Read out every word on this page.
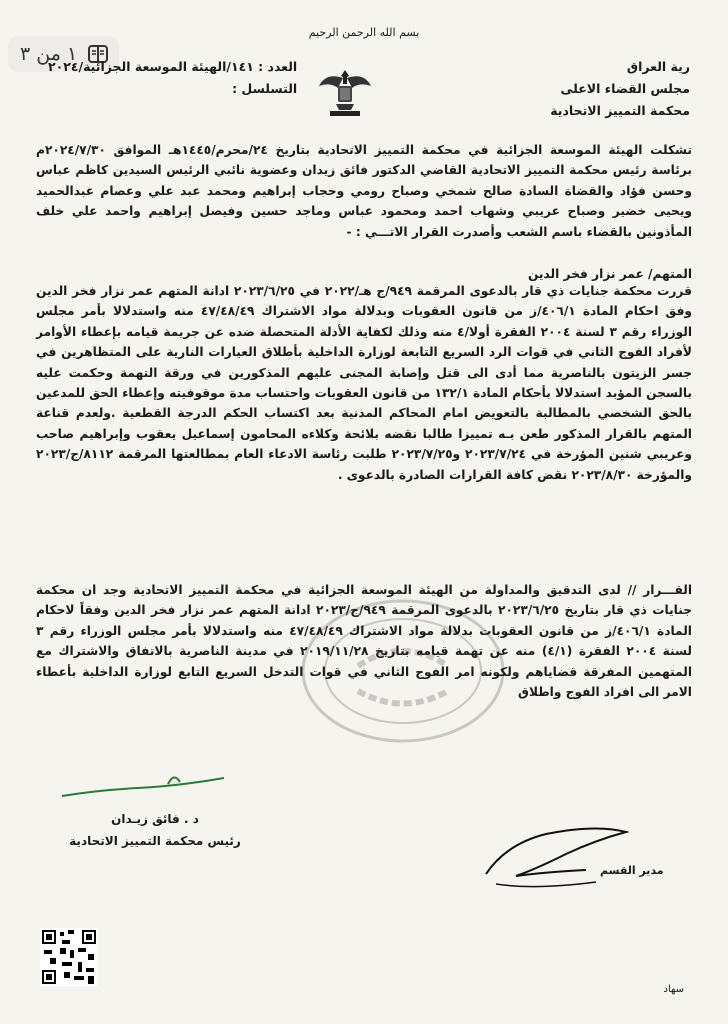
١ من ٣
بسم الله الرحمن الرحيم
رية العراق
مجلس القضاء الاعلى
محكمة التمييز الاتحادية
العدد : ١٤١/الهيئة الموسعة الجزائية/٢٠٢٤
التسلسل :
تشكلت الهيئة الموسعة الجزائية في محكمة التمييز الاتحادية بتاريخ ٢٤/محرم/١٤٤٥هـ الموافق ٢٠٢٤/٧/٣٠م برئاسة رئيس محكمة التمييز الاتحادية القاضي الدكتور فائق زيدان وعضوية نائبي الرئيس السيدين كاظم عباس وحسن فؤاد والقضاة السادة صالح شمخي وصباح رومي وحجاب إبراهيم ومحمد عبد علي وعصام عبدالحميد ويحيى خضير وصباح عريبي وشهاب احمد ومحمود عباس وماجد حسين وفيصل إبراهيم واحمد علي خلف المأذونين بالقضاء باسم الشعب وأصدرت القرار الاتـــي : -
المتهم/ عمر نزار فخر الدين
قررت محكمة جنايات ذي قار بالدعوى المرقمة ٩٤٩/ج هـ/٢٠٢٢ في ٢٠٢٣/٦/٢٥ ادانة المتهم عمر نزار فخر الدين وفق احكام المادة ٤٠٦/١/ز من قانون العقوبات وبدلالة مواد الاشتراك ٤٧/٤٨/٤٩ منه واستدلالا بأمر مجلس الوزراء رقم ٣ لسنة ٢٠٠٤ الفقرة أولا/٤ منه وذلك لكفاية الأدلة المتحصلة ضده عن جريمة قيامه بإعطاء الأوامر لأفراد الفوج الثاني في قوات الرد السريع التابعة لوزارة الداخلية بأطلاق العيارات النارية على المتظاهرين في جسر الزيتون بالناصرية مما أدى الى قتل وإصابة المجنى عليهم المذكورين في ورقة التهمة وحكمت عليه بالسجن المؤبد استدلالا بأحكام المادة ١٣٢/١ من قانون العقوبات واحتساب مدة موقوفيته وإعطاء الحق للمدعين بالحق الشخصي بالمطالبة بالتعويض امام المحاكم المدنية بعد اكتساب الحكم الدرجة القطعية .ولعدم قناعة المتهم بالقرار المذكور طعن بـه تمييزا طالبا نقضه بلائحة وكلاءه المحامون إسماعيل يعقوب وإبراهيم صاحب وعريبي شنين المؤرخة في ٢٠٢٣/٧/٢٤ و٢٠٢٣/٧/٢٥ طلبت رئاسة الادعاء العام بمطالعتها المرقمة ٨١١٢/ج/٢٠٢٣ والمؤرخة ٢٠٢٣/٨/٣٠ نقض كافة القرارات الصادرة بالدعوى .
القـــرار // لدى التدقيق والمداولة من الهيئة الموسعة الجزائية في محكمة التمييز الاتحادية وجد ان محكمة جنايات ذي قار بتاريخ ٢٠٢٣/٦/٢٥ بالدعوى المرقمة ٩٤٩/ج/٢٠٢٣ ادانة المتهم عمر نزار فخر الدين وفقاً لاحكام المادة ٤٠٦/١/ز من قانون العقوبات بدلالة مواد الاشتراك ٤٧/٤٨/٤٩ منه واستدلالا بأمر مجلس الوزراء رقم ٣ لسنة ٢٠٠٤ الفقرة (٤/١) منه عن تهمة قيامه بتاريخ ٢٠١٩/١١/٢٨ في مدينة الناصرية بالاتفاق والاشتراك مع المتهمين المفرقة قضاياهم ولكونه امر الفوج الثاني في قوات التدخل السريع التابع لوزارة الداخلية بأعطاء الامر الى افراد الفوج واطلاق
د . فائق زيـدان
رئيس محكمة التمييز الاتحادية
مدير القسم
سهاد
